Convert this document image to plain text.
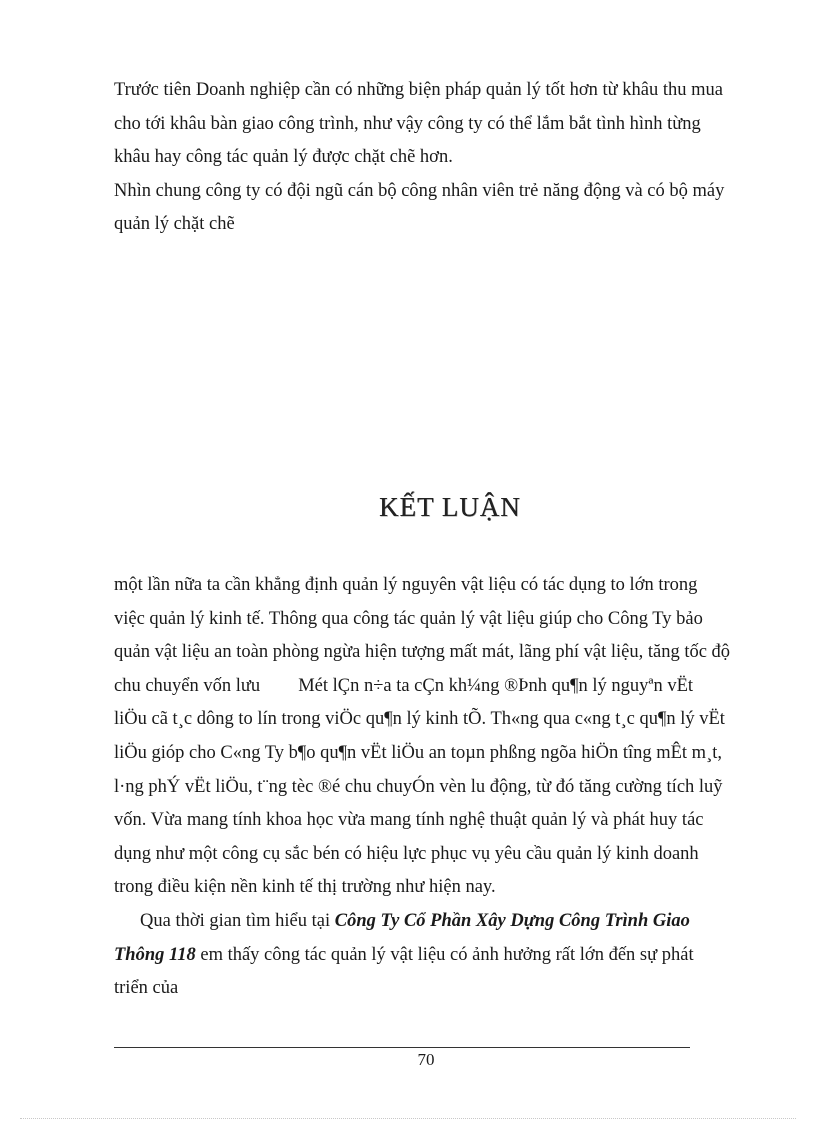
Trước tiên Doanh nghiệp cần có những biện pháp quản lý tốt hơn từ khâu thu mua
cho tới khâu bàn giao công trình, như vậy công ty có thể lắm bắt tình hình từng
khâu hay công tác quản lý được chặt chẽ hơn.
Nhìn chung công ty có đội ngũ cán bộ công nhân viên trẻ năng động và có bộ máy
quản lý chặt chẽ
KẾT LUẬN
một lần nữa ta cần khẳng định quản lý nguyên vật liệu có tác dụng to lớn trong
việc quản lý kinh tế. Thông qua công tác quản lý vật liệu giúp cho Công Ty bảo
quản vật liệu an toàn phòng ngừa hiện tượng mất mát, lãng phí vật liệu, tăng tốc độ
chu chuyển vốn lưu Mét lÇn n÷a ta cÇn kh¼ng ®Þnh qu¶n lý nguyªn vËt
liÖu cã t¸c dông to lín trong viÖc qu¶n lý kinh tÕ. Th«ng qua c«ng t¸c qu¶n lý vËt
liÖu gióp cho C«ng Ty b¶o qu¶n vËt liÖu an toµn phßng ngõa hiÖn tîng mÊt m¸t,
l·ng phÝ vËt liÖu, t¨ng tèc ®é chu chuyÓn vèn lu động, từ đó tăng cường tích luỹ
vốn. Vừa mang tính khoa học vừa mang tính nghệ thuật quản lý và phát huy tác
dụng như một công cụ sắc bén có hiệu lực phục vụ yêu cầu quản lý kinh doanh
trong điều kiện nền kinh tế thị trường như hiện nay.
Qua thời gian tìm hiểu tại Công Ty Cổ Phần Xây Dựng Công Trình Giao
Thông 118 em thấy công tác quản lý vật liệu có ảnh hưởng rất lớn đến sự phát
triển của
70
